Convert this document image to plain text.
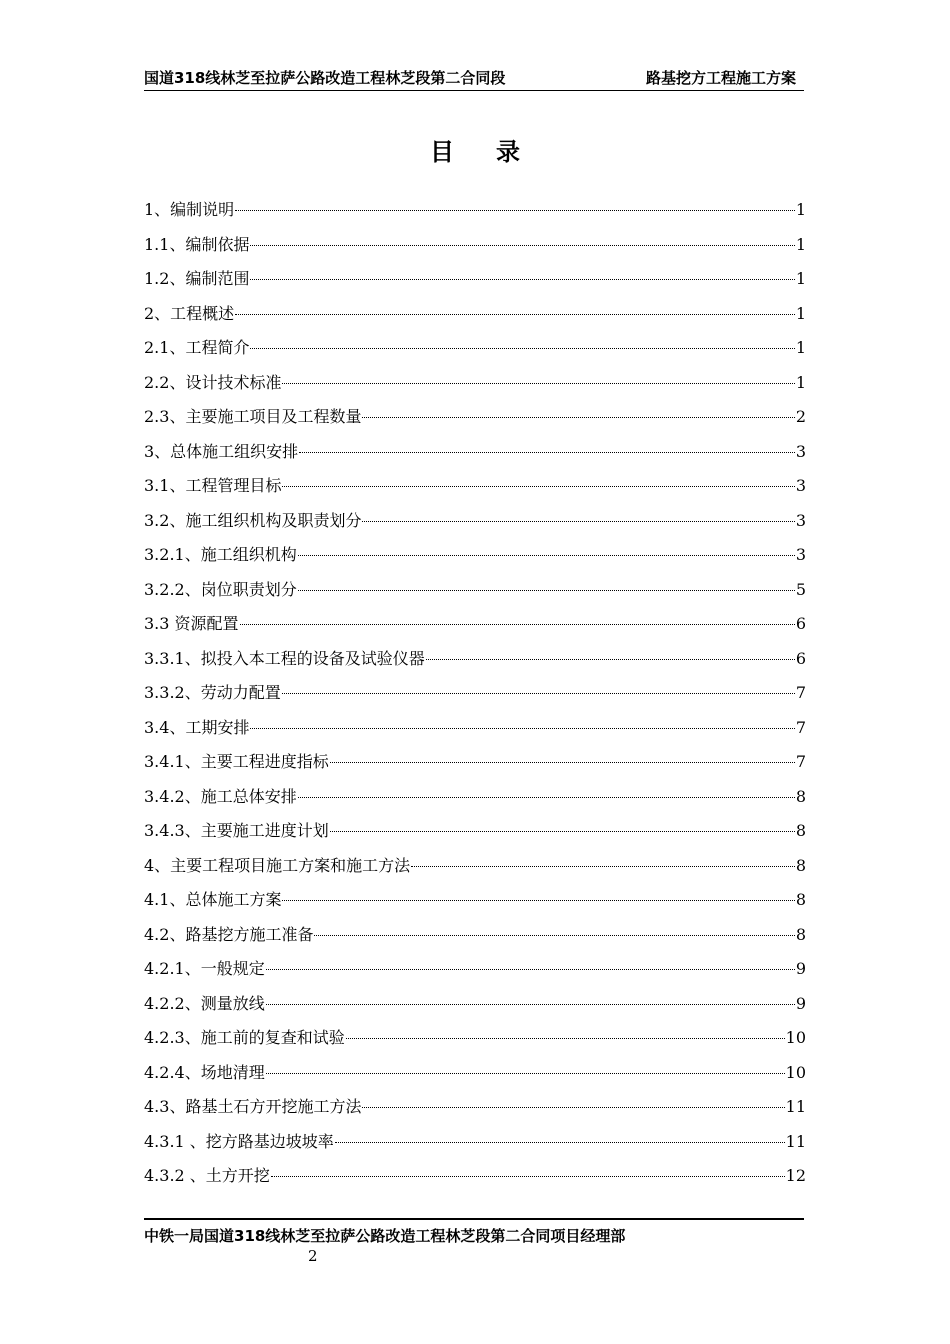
国道318线林芝至拉萨公路改造工程林芝段第二合同段	路基挖方工程施工方案
目录
1、编制说明	1
1.1、编制依据	1
1.2、编制范围	1
2、工程概述	1
2.1、工程简介	1
2.2、设计技术标准	1
2.3、主要施工项目及工程数量	2
3、总体施工组织安排	3
3.1、工程管理目标	3
3.2、施工组织机构及职责划分	3
3.2.1、施工组织机构	3
3.2.2、岗位职责划分	5
3.3 资源配置	6
3.3.1、拟投入本工程的设备及试验仪器	6
3.3.2、劳动力配置	7
3.4、工期安排	7
3.4.1、主要工程进度指标	7
3.4.2、施工总体安排	8
3.4.3、主要施工进度计划	8
4、主要工程项目施工方案和施工方法	8
4.1、总体施工方案	8
4.2、路基挖方施工准备	8
4.2.1、一般规定	9
4.2.2、测量放线	9
4.2.3、施工前的复查和试验	10
4.2.4、场地清理	10
4.3、路基土石方开挖施工方法	11
4.3.1 、挖方路基边坡坡率	11
4.3.2 、土方开挖	12
中铁一局国道318线林芝至拉萨公路改造工程林芝段第二合同项目经理部
2
